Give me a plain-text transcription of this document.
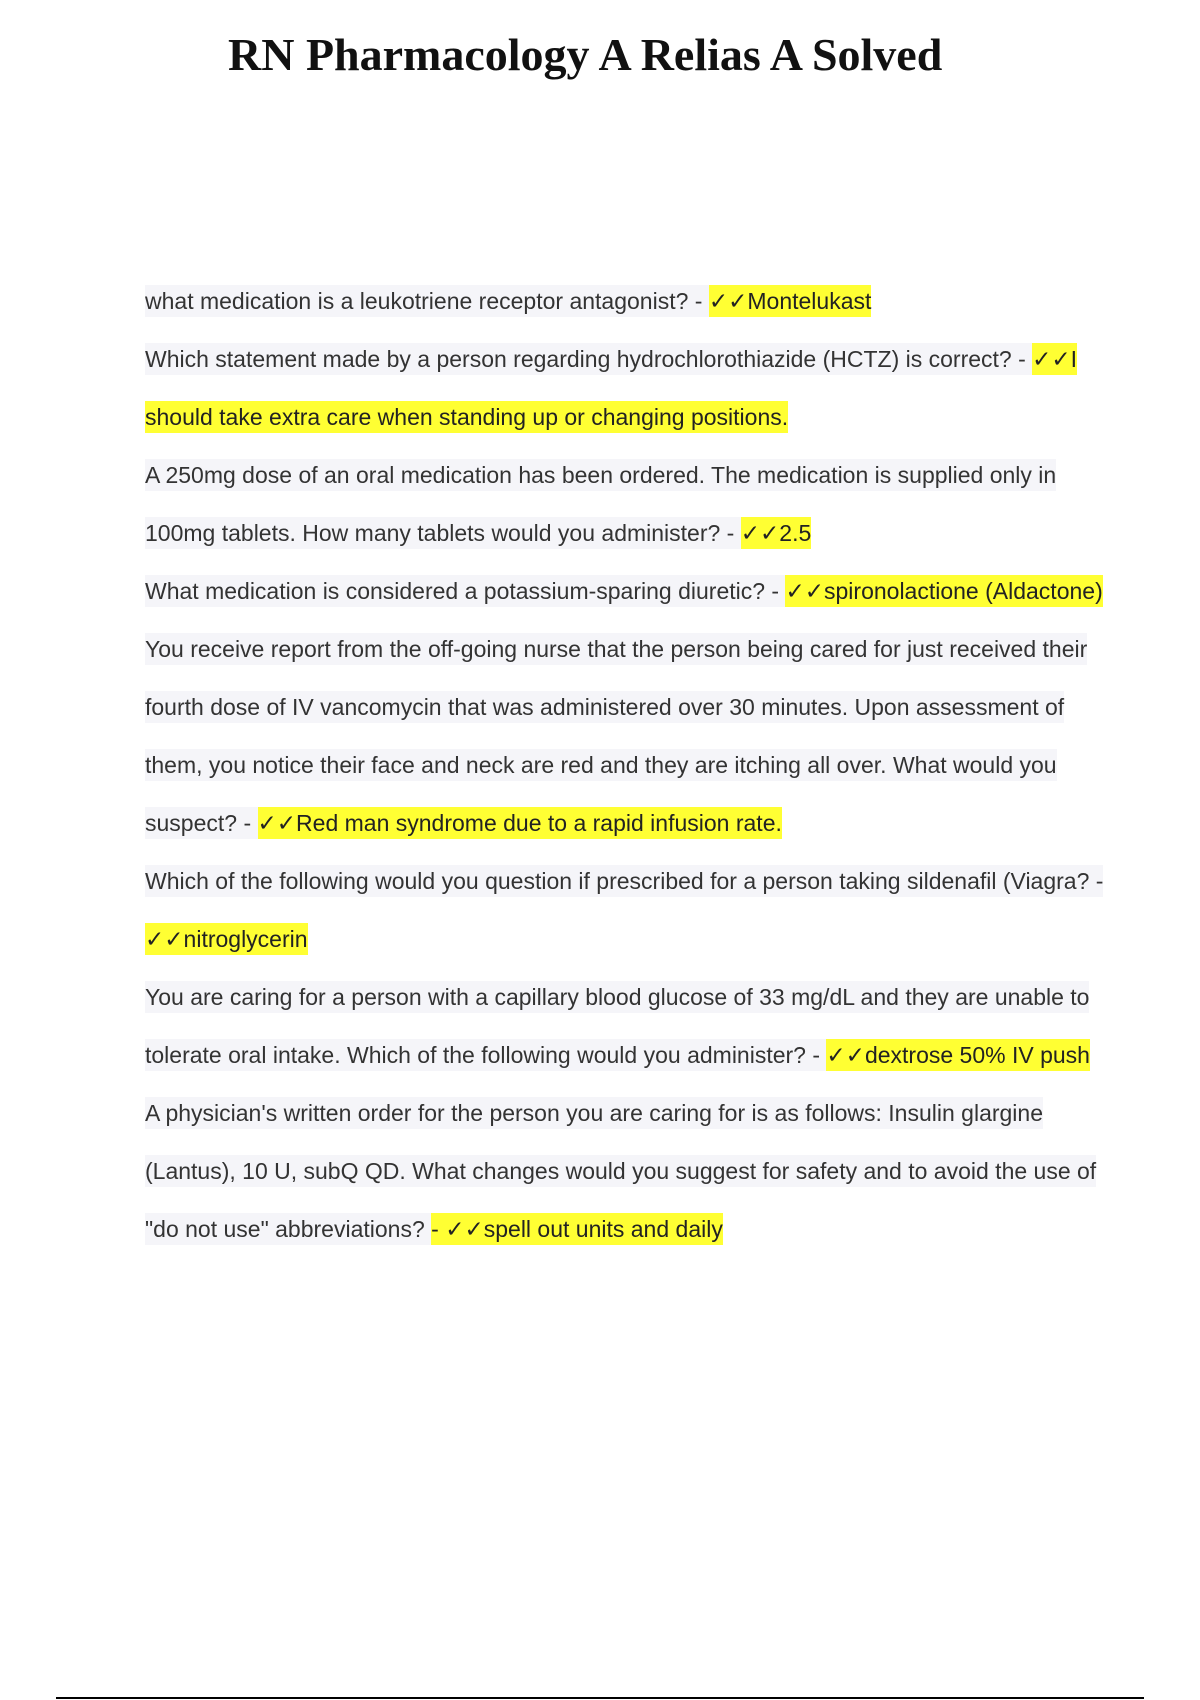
RN Pharmacology A Relias A Solved

what medication is a leukotriene receptor antagonist? - ✓✓Montelukast

Which statement made by a person regarding hydrochlorothiazide (HCTZ) is correct? - ✓✓I should take extra care when standing up or changing positions.

A 250mg dose of an oral medication has been ordered. The medication is supplied only in 100mg tablets. How many tablets would you administer? - ✓✓2.5

What medication is considered a potassium-sparing diuretic? - ✓✓spironolactione (Aldactone)

You receive report from the off-going nurse that the person being cared for just received their fourth dose of IV vancomycin that was administered over 30 minutes. Upon assessment of them, you notice their face and neck are red and they are itching all over. What would you suspect? - ✓✓Red man syndrome due to a rapid infusion rate.

Which of the following would you question if prescribed for a person taking sildenafil (Viagra? - ✓✓nitroglycerin

You are caring for a person with a capillary blood glucose of 33 mg/dL and they are unable to tolerate oral intake. Which of the following would you administer? - ✓✓dextrose 50% IV push

A physician's written order for the person you are caring for is as follows: Insulin glargine (Lantus), 10 U, subQ QD. What changes would you suggest for safety and to avoid the use of "do not use" abbreviations? - ✓✓spell out units and daily
